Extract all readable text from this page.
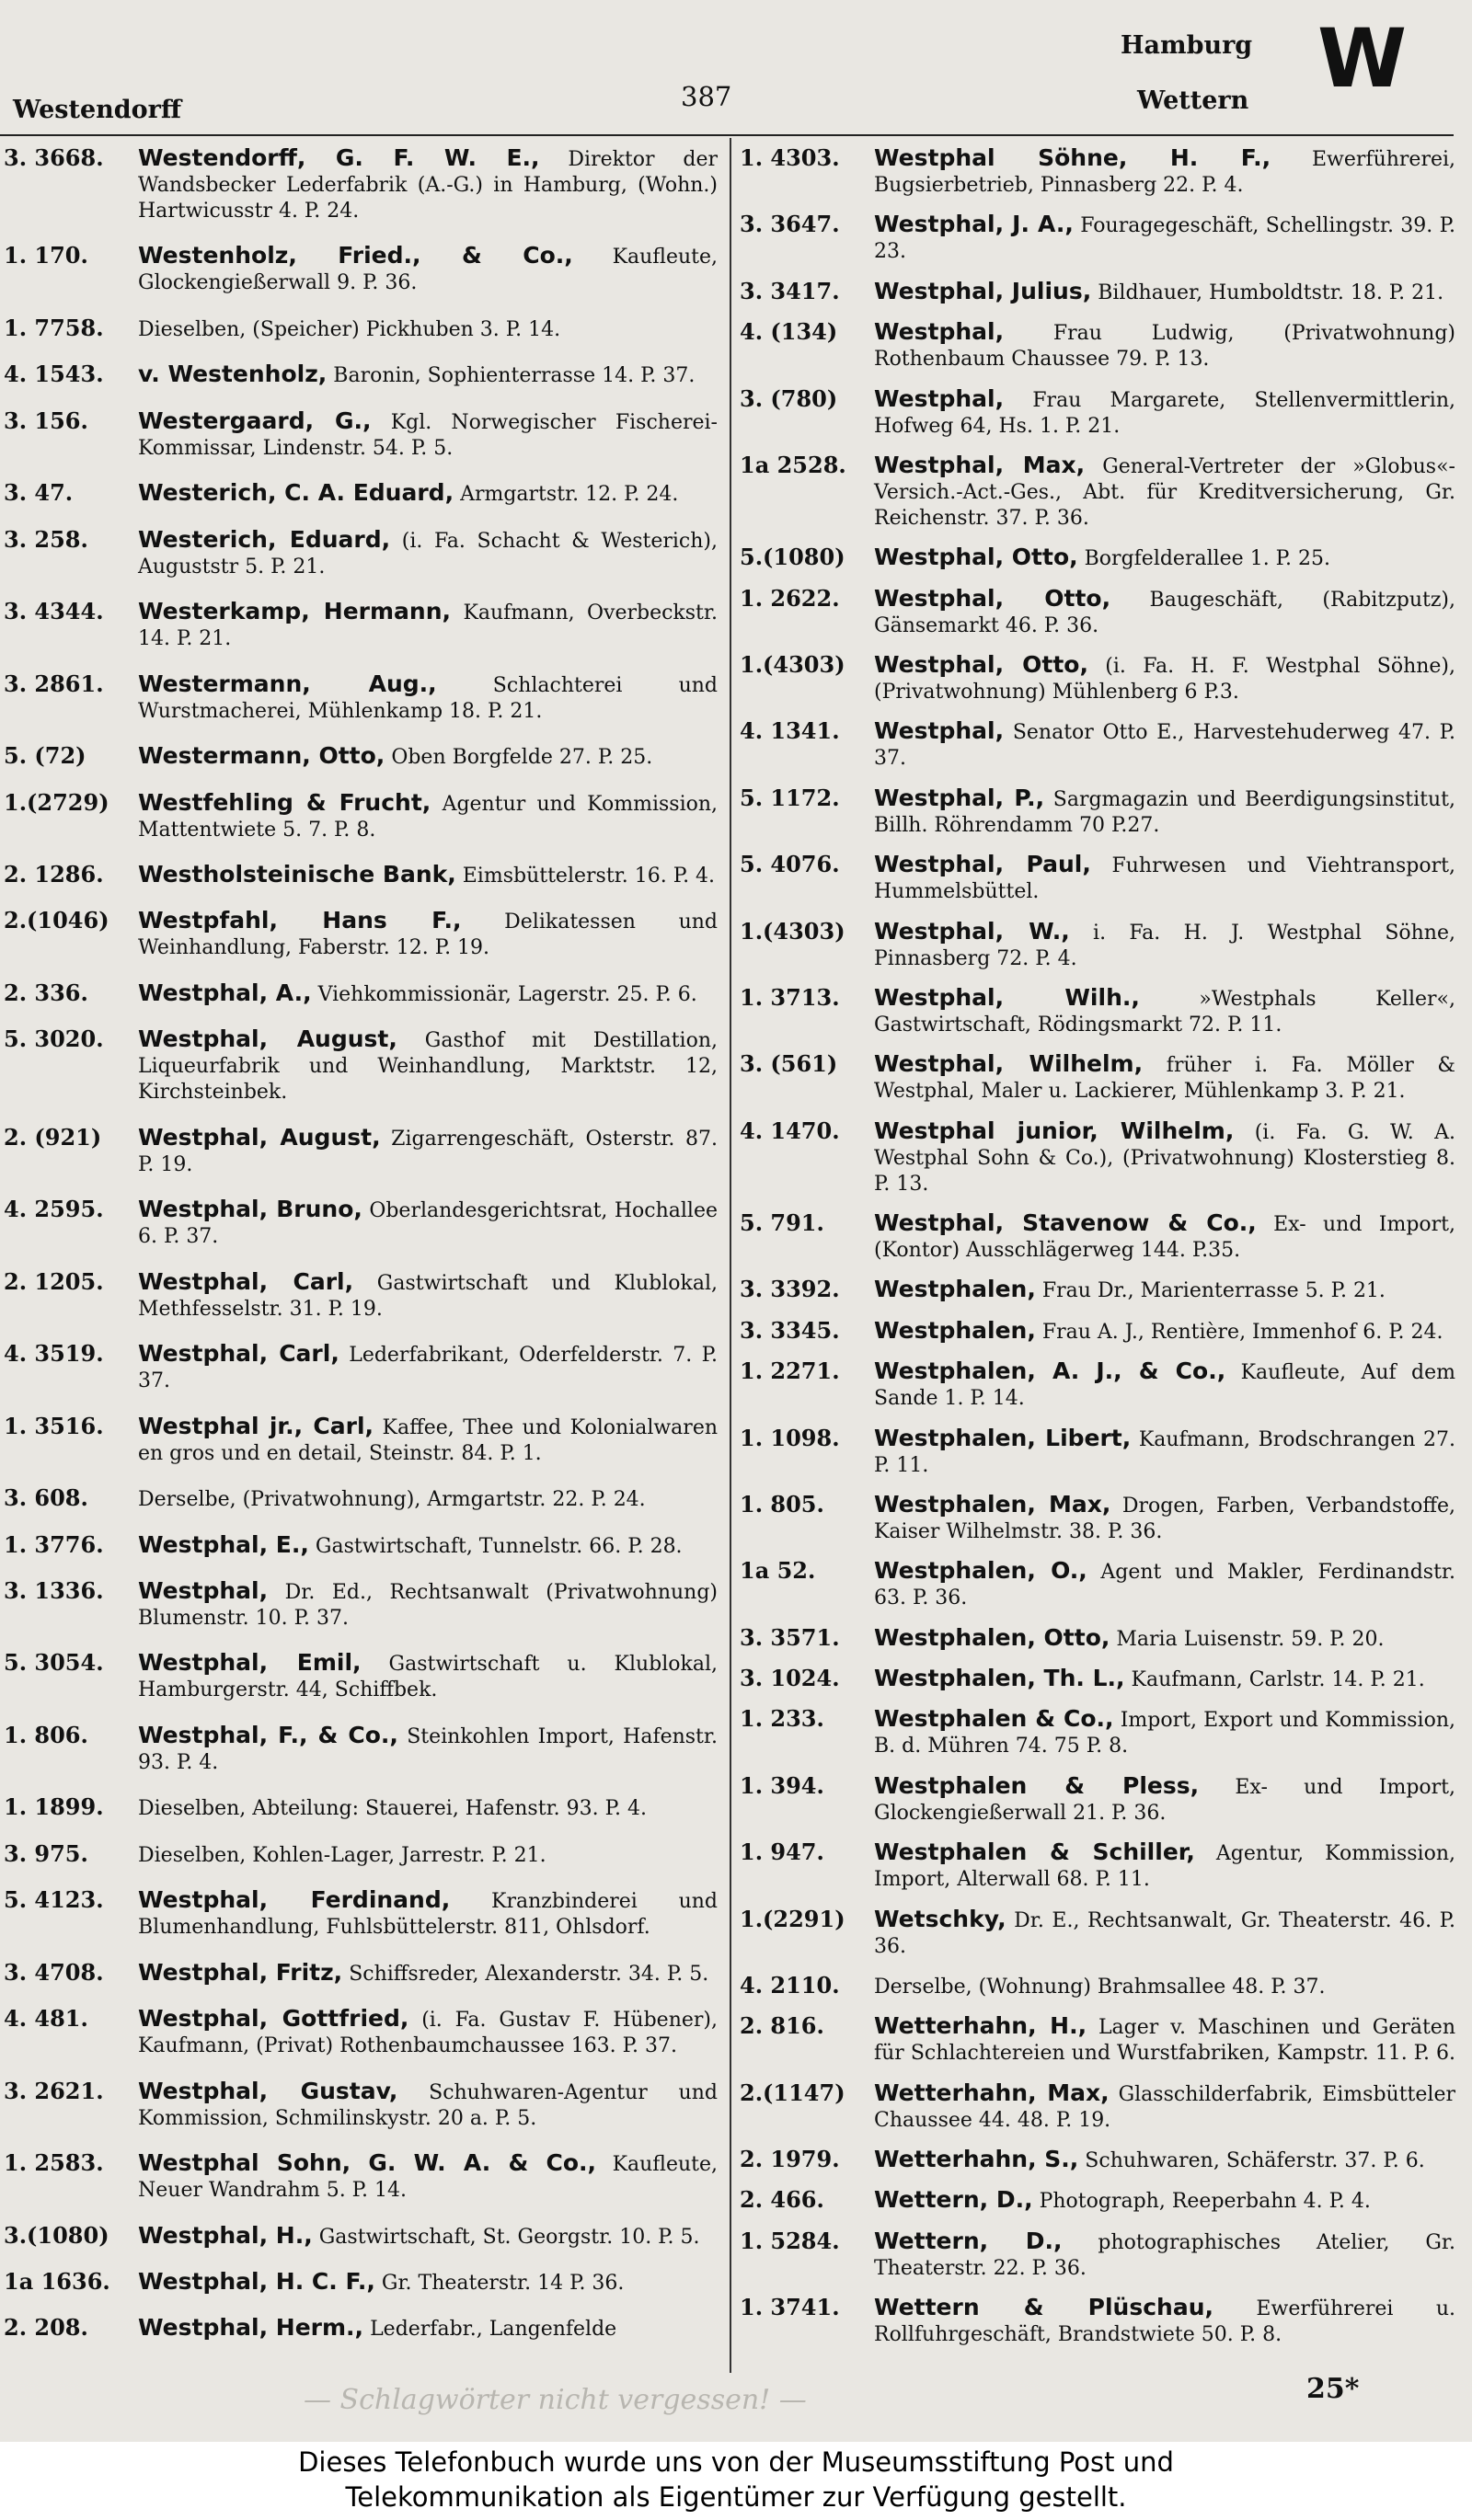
Westendorff	387
Hamburg
Wettern W
3. 3668. Westendorff, G. F. W. E., Direktor der Wandsbecker Lederfabrik (A.-G.) in Hamburg, (Wohn.) Hartwicusstr 4. P. 24.
1. 170. Westenholz, Fried., & Co., Kaufleute, Glockengießerwall 9. P. 36.
1. 7758. Dieselben, (Speicher) Pickhuben 3. P. 14.
4. 1543. v. Westenholz, Baronin, Sophienterrasse 14. P. 37.
3. 156. Westergaard, G., Kgl. Norwegischer Fischerei-Kommissar, Lindenstr. 54. P. 5.
3. 47.	Westerich, C. A. Eduard, Armgartstr. 12. P. 24.
3. 258. Westerich, Eduard, (i. Fa. Schacht & Westerich), Auguststr 5. P. 21.
3. 4344. Westerkamp, Hermann, Kaufmann, Overbeckstr. 14. P. 21.
3. 2861. Westermann, Aug.,	Schlachterei und Wurstmacherei, Mühlenkamp 18. P. 21.
5. (72) Westermann, Otto, Oben Borgfelde 27. P. 25.
1.(2729) Westfehling & Frucht, Agentur und Kommission, Mattentwiete 5. 7. P. 8.
2. 1286. Westholsteinische Bank, Eimsbüttelerstr. 16. P. 4.
2.(1046) Westpfahl, Hans F., Delikatessen und Weinhandlung, Faberstr. 12. P. 19.
2. 336. Westphal, A., Viehkommissionär, Lagerstr. 25. P. 6.
5. 3020. Westphal, August, Gasthof mit Destillation, Liqueurfabrik und Weinhandlung, Marktstr. 12, Kirchsteinbek.
2. (921) Westphal, August, Zigarrengeschäft, Osterstr. 87. P. 19.
4. 2595. Westphal, Bruno, Oberlandesgerichtsrat, Hochallee 6. P. 37.
2. 1205. Westphal, Carl, Gastwirtschaft und Klublokal, Methfesselstr. 31. P. 19.
4. 3519. Westphal, Carl, Lederfabrikant, Oderfelderstr. 7. P. 37.
1. 3516. Westphal jr., Carl, Kaffee, Thee und Kolonialwaren en gros und en detail, Steinstr. 84. P. 1.
3. 608. Derselbe, (Privatwohnung), Armgartstr. 22. P. 24.
1. 3776. Westphal, E., Gastwirtschaft, Tunnelstr. 66. P. 28.
3. 1336. Westphal, Dr. Ed., Rechtsanwalt (Privatwohnung) Blumenstr. 10. P. 37.
5. 3054. Westphal, Emil, Gastwirtschaft u. Klublokal, Hamburgerstr. 44, Schiffbek.
1. 806. Westphal, F., & Co., Steinkohlen Import, Hafenstr. 93. P. 4.
1. 1899. Dieselben, Abteilung: Stauerei, Hafenstr. 93. P. 4.
3. 975. Dieselben, Kohlen-Lager, Jarrestr. P. 21.
5. 4123. Westphal, Ferdinand, Kranzbinderei und Blumenhandlung, Fuhlsbüttelerstr. 811, Ohlsdorf.
3. 4708. Westphal, Fritz, Schiffsreder, Alexanderstr. 34. P. 5.
4. 481. Westphal, Gottfried, (i. Fa. Gustav F. Hübener), Kaufmann, (Privat) Rothenbaumchaussee 163. P. 37.
3. 2621. Westphal, Gustav, Schuhwaren-Agentur und Kommission, Schmilinskystr. 20 a. P. 5.
1. 2583. Westphal Sohn, G. W. A. & Co., Kaufleute, Neuer Wandrahm 5. P. 14.
3.(1080) Westphal, H., Gastwirtschaft, St. Georgstr. 10. P. 5.
1a 1636. Westphal, H. C. F., Gr. Theaterstr. 14 P. 36.
2. 208. Westphal, Herm., Lederfabr., Langenfelde
1. 4303. Westphal Söhne, H. F., Ewerführerei, Bugsierbetrieb, Pinnasberg 22. P. 4.
3. 3647. Westphal, J. A., Fouragegeschäft, Schellingstr. 39. P. 23.
3. 3417. Westphal, Julius, Bildhauer, Humboldtstr. 18. P. 21.
4. (134) Westphal, Frau Ludwig, (Privatwohnung) Rothenbaum Chaussee 79. P. 13.
3. (780) Westphal, Frau Margarete, Stellenvermittlerin, Hofweg 64, Hs. 1. P. 21.
1a 2528. Westphal, Max, General-Vertreter der »Globus«-Versich.-Act.-Ges., Abt. für Kreditversicherung, Gr. Reichenstr. 37. P. 36.
5.(1080) Westphal, Otto, Borgfelderallee 1. P. 25.
1. 2622. Westphal, Otto, Baugeschäft, (Rabitzputz), Gänsemarkt 46. P. 36.
1.(4303) Westphal, Otto, (i. Fa. H. F. Westphal Söhne), (Privatwohnung) Mühlenberg 6 P.3.
4. 1341. Westphal, Senator Otto E., Harvestehuderweg 47. P. 37.
5. 1172. Westphal, P., Sargmagazin und Beerdigungsinstitut, Billh. Röhrendamm 70 P.27.
5. 4076. Westphal, Paul, Fuhrwesen und Viehtransport, Hummelsbüttel.
1.(4303) Westphal, W., i. Fa. H. J. Westphal Söhne, Pinnasberg 72. P. 4.
1. 3713. Westphal, Wilh.,	»Westphals Keller«, Gastwirtschaft, Rödingsmarkt 72. P. 11.
3. (561) Westphal, Wilhelm, früher i. Fa. Möller & Westphal, Maler u. Lackierer, Mühlenkamp 3. P. 21.
4. 1470. Westphal junior, Wilhelm, (i. Fa. G. W. A. Westphal Sohn & Co.), (Privatwohnung) Klosterstieg 8. P. 13.
5. 791. Westphal, Stavenow & Co., Ex- und Import, (Kontor) Ausschlägerweg 144. P.35.
3. 3392. Westphalen, Frau Dr., Marienterrasse 5. P. 21.
3. 3345. Westphalen, Frau A. J., Rentière, Immenhof 6. P. 24.
1. 2271. Westphalen, A. J., & Co., Kaufleute, Auf dem Sande 1. P. 14.
1. 1098. Westphalen, Libert, Kaufmann, Brodschrangen 27. P. 11.
1. 805. Westphalen, Max, Drogen, Farben, Verbandstoffe, Kaiser Wilhelmstr. 38. P. 36.
1a 52.	Westphalen, O., Agent und Makler, Ferdinandstr. 63. P. 36.
3. 3571. Westphalen, Otto, Maria Luisenstr. 59. P. 20.
3. 1024. Westphalen, Th. L., Kaufmann, Carlstr. 14. P. 21.
1. 233. Westphalen & Co., Import, Export und Kommission, B. d. Mühren 74. 75 P. 8.
1. 394. Westphalen & Pless, Ex- und Import, Glockengießerwall 21. P. 36.
1. 947. Westphalen & Schiller, Agentur, Kommission, Import, Alterwall 68. P. 11.
1.(2291) Wetschky, Dr. E., Rechtsanwalt, Gr. Theaterstr. 46. P. 36.
4. 2110. Derselbe, (Wohnung) Brahmsallee 48. P. 37.
2. 816. Wetterhahn, H., Lager v. Maschinen und Geräten für Schlachtereien und Wurstfabriken, Kampstr. 11. P. 6.
2.(1147) Wetterhahn, Max, Glasschilderfabrik, Eimsbütteler Chaussee 44. 48. P. 19.
2. 1979. Wetterhahn, S., Schuhwaren, Schäferstr. 37. P. 6.
2. 466. Wettern, D., Photograph, Reeperbahn 4. P. 4.
1. 5284. Wettern, D., photographisches Atelier, Gr. Theaterstr. 22. P. 36.
1. 3741. Wettern & Plüschau, Ewerführerei u. Rollfuhrgeschäft, Brandstwiete 50. P. 8.
— Schlagwörter nicht vergessen! —	25*
Dieses Telefonbuch wurde uns von der Museumsstiftung Post und
Telekommunikation als Eigentümer zur Verfügung gestellt.
